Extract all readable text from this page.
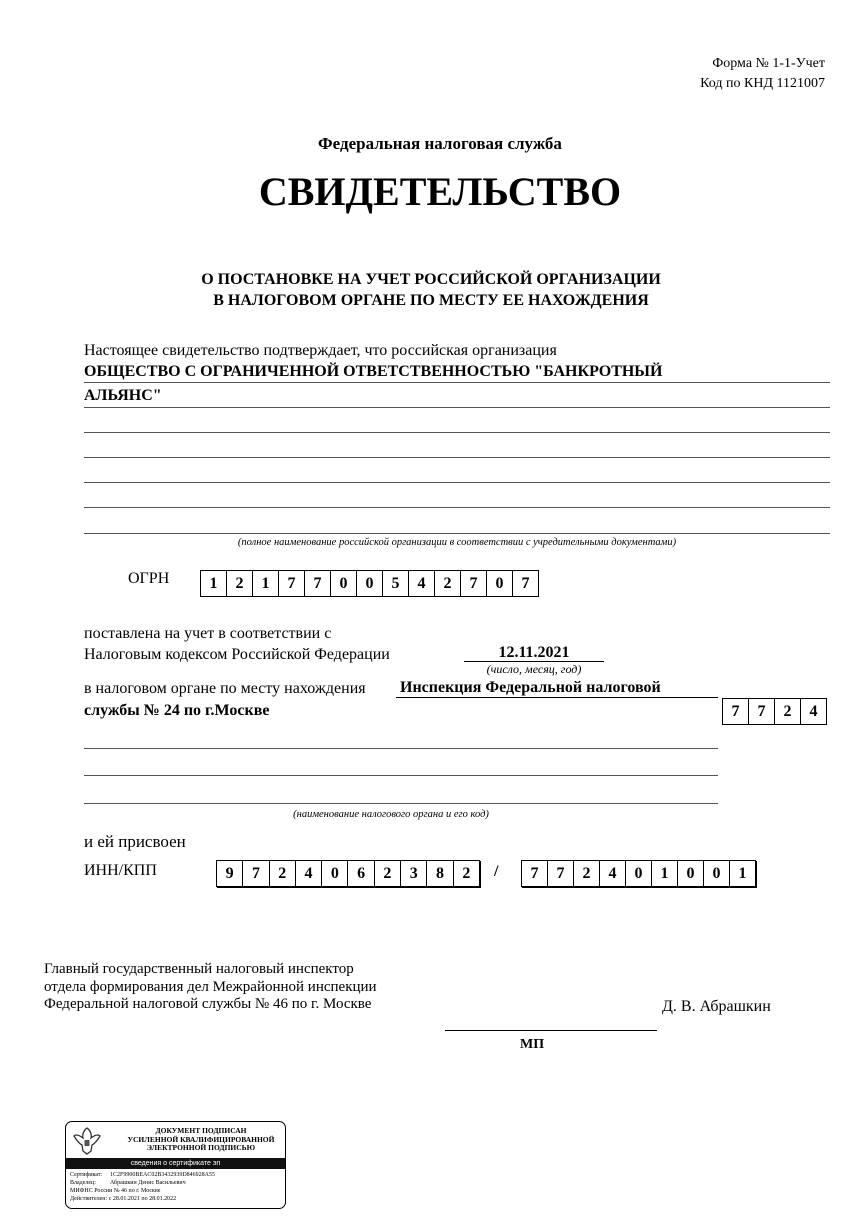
Форма № 1-1-Учет
Код по КНД 1121007
Федеральная налоговая служба
СВИДЕТЕЛЬСТВО
О ПОСТАНОВКЕ НА УЧЕТ РОССИЙСКОЙ ОРГАНИЗАЦИИ
В НАЛОГОВОМ ОРГАНЕ ПО МЕСТУ ЕЕ НАХОЖДЕНИЯ
Настоящее свидетельство подтверждает, что российская организация
ОБЩЕСТВО С ОГРАНИЧЕННОЙ ОТВЕТСТВЕННОСТЬЮ "БАНКРОТНЫЙ
АЛЬЯНС"
(полное наименование российской организации в соответствии с учредительными документами)
ОГРН	1	2	1	7	7	0	0	5	4	2	7	0	7
поставлена на учет в соответствии с
Налоговым кодексом Российской Федерации	12.11.2021
(число, месяц, год)
в налоговом органе по месту нахождения Инспекция Федеральной налоговой
службы № 24 по г.Москве	7	7	2	4
(наименование налогового органа и его код)
и ей присвоен
ИНН/КПП	9	7	2	4	0	6	2	3	8	2	/	7	7	2	4	0	1	0	0	1
Главный государственный налоговый инспектор
отдела формирования дел Межрайонной инспекции
Федеральной налоговой службы № 46 по г. Москве	Д. В. Абрашкин
МП
ДОКУМЕНТ ПОДПИСАН
УСИЛЕННОЙ КВАЛИФИЦИРОВАННОЙ
ЭЛЕКТРОННОЙ ПОДПИСЬЮ
сведения о сертификате эп
Сертификат: 1C2F9900BEAC02B3432939D846928A55
Владелец: Абрашкин Денис Васильевич
МИФНС России № 46 по г. Москве
Действителен: с 28.01.2021 по 28.01.2022
